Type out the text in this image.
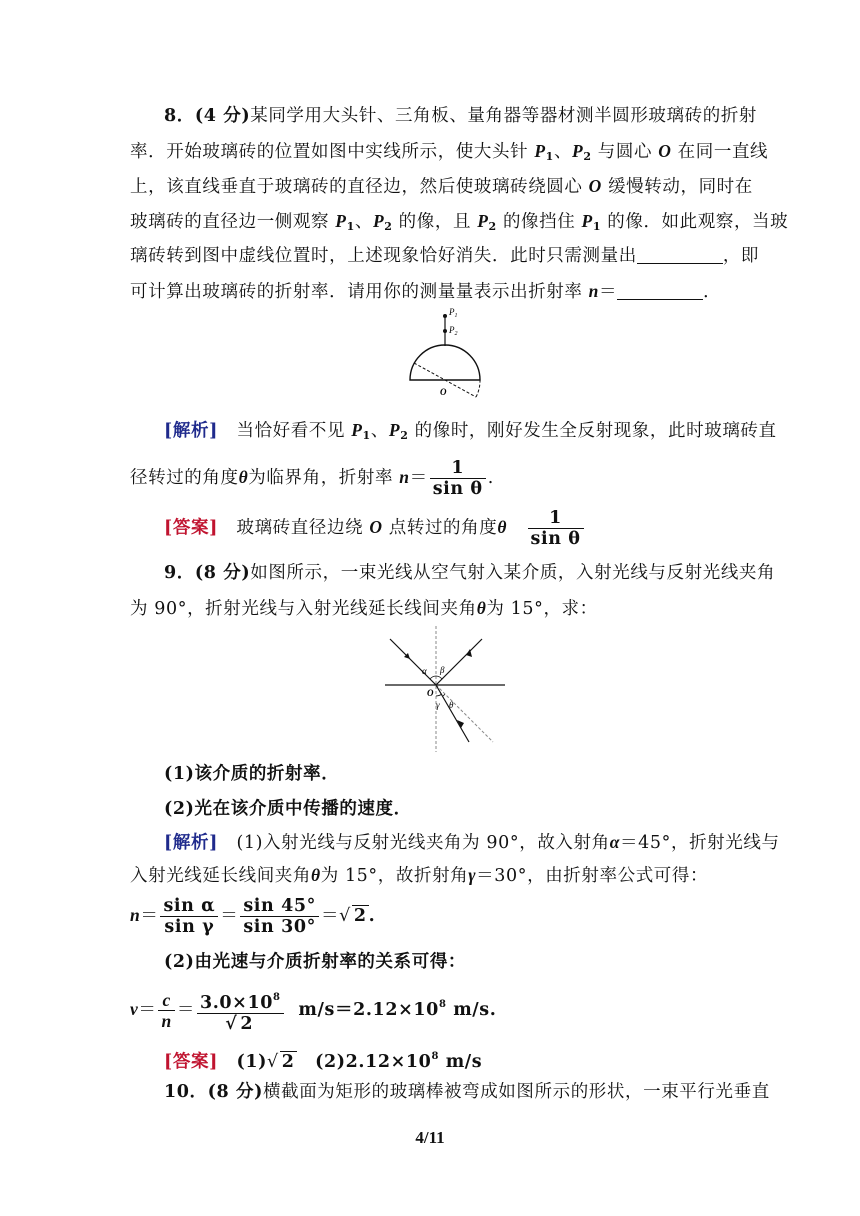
8．(4 分)某同学用大头针、三角板、量角器等器材测半圆形玻璃砖的折射
率．开始玻璃砖的位置如图中实线所示，使大头针 $P_1$、$P_2$ 与圆心 O 在同一直线
上，该直线垂直于玻璃砖的直径边，然后使玻璃砖绕圆心 O 缓慢转动，同时在
玻璃砖的直径边一侧观察 $P_1$、$P_2$ 的像，且 $P_2$ 的像挡住 $P_1$ 的像．如此观察，当玻
璃砖转到图中虚线位置时，上述现象恰好消失．此时只需测量出	，即
可计算出玻璃砖的折射率．请用你的测量量表示出折射率 n＝	．
$P_1$
$P_2$
O
[解析] 当恰好看不见 $P_1$、$P_2$ 的像时，刚好发生全反射现象，此时玻璃砖直
径转过的角度θ为临界角，折射率 $n= \frac{1}{\text{sin θ}}$ .
[答案] 玻璃砖直径边绕 O 点转过的角度θ $\frac{1}{\text{sin θ}}$
9．(8 分)如图所示，一束光线从空气射入某介质，入射光线与反射光线夹角
为 90°，折射光线与入射光线延长线间夹角θ为 15°，求：
α β
O
γ θ
(1)该介质的折射率．
(2)光在该介质中传播的速度．
[解析] (1)入射光线与反射光线夹角为 90°，故入射角α＝45°，折射光线与
入射光线延长线间夹角θ为 15°，故折射角γ＝30°，由折射率公式可得：
$n= \frac{\text{sin α}}{\text{sin γ}} = \frac{\sin 45^\circ}{\sin 30^\circ}$ ＝√ 2 .
(2)由光速与介质折射率的关系可得：
$v= \frac{c}{n} = \frac{3.0\times 10^8}{√ 2} m/s=2.12\times 10^8$ m/s.
[答案] (1)√ 2 $(2)2.12\times 10^8$ m/s
10．(8 分)横截面为矩形的玻璃棒被弯成如图所示的形状，一束平行光垂直
4/11
